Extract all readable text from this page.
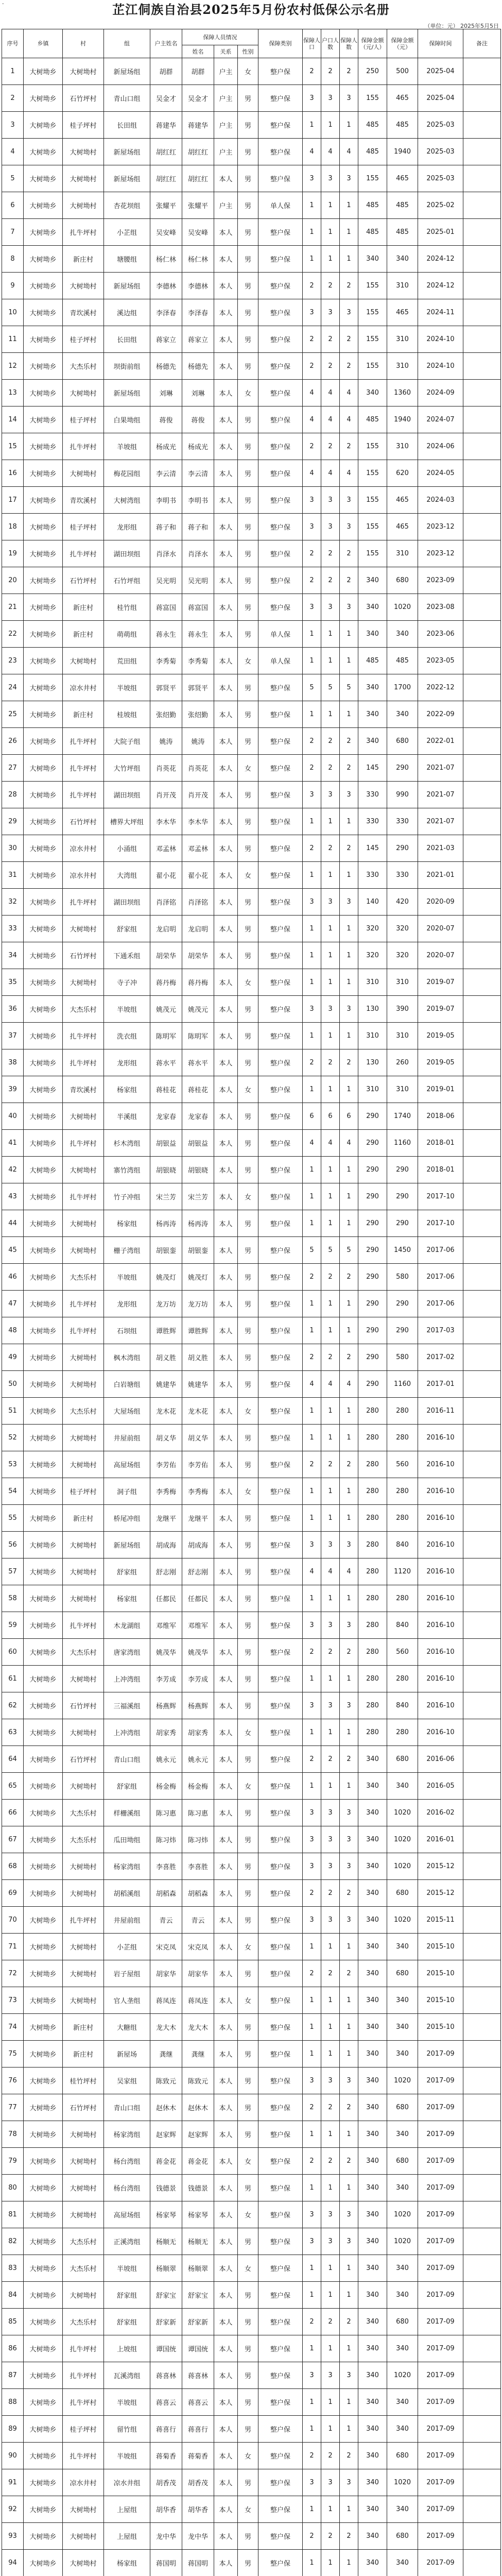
-	芷江侗族自治县2025年5月份农村低保公示名册
（单位：元） 2025年5月5日
序号	乡镇	村	组	户主姓名	保障人员情况			保障类别	保障人口	户口人数	保障人数	保障金额（元/人）	保障金额（元）	保障时间	备注
					姓名	关系	性别								
1	大树坳乡	大树坳村	新屋场组	胡群	胡群	户主	女	整户保	2	2	2	250	500	2025-04	
2	大树坳乡	石竹坪村	青山口组	吴金才	吴金才	户主	男	整户保	3	3	3	155	465	2025-04	
3	大树坳乡	桂子坪村	长田组	蒋建华	蒋建华	户主	男	整户保	1	1	1	485	485	2025-03	
4	大树坳乡	大树坳村	新屋场组	胡红红	胡红红	户主	男	整户保	4	4	4	485	1940	2025-03	
5	大树坳乡	大树坳村	新屋场组	胡红红	胡红红	本人	男	整户保	3	3	3	155	465	2025-03	
6	大树坳乡	大树坳村	杏花坝组	张耀平	张耀平	户主	男	单人保	1	1	1	485	485	2025-02	
7	大树坳乡	扎牛坪村	小芷组	吴安峰	吴安峰	本人	男	整户保	1	1	1	485	485	2025-01	
8	大树坳乡	新庄村	塘腰组	杨仁林	杨仁林	本人	男	整户保	1	1	1	340	340	2024-12	
9	大树坳乡	大树坳村	新屋场组	李德林	李德林	本人	男	整户保	2	2	2	155	310	2024-12	
10	大树坳乡	青坎溪村	溪边组	李泽春	李泽春	本人	男	整户保	3	3	3	155	465	2024-11	
11	大树坳乡	桂子坪村	长田组	蒋家立	蒋家立	本人	男	整户保	2	2	2	155	310	2024-10	
12	大树坳乡	大杰乐村	坝街前组	杨德先	杨德先	本人	男	整户保	2	2	2	155	310	2024-10	
13	大树坳乡	大树坳村	新屋场组	刘琳	刘琳	本人	女	整户保	4	4	4	340	1360	2024-09	
14	大树坳乡	桂子坪村	白果坳组	蒋俊	蒋俊	本人	男	整户保	4	4	4	485	1940	2024-07	
15	大树坳乡	扎牛坪村	羊坡组	杨成光	杨成光	本人	男	整户保	2	2	2	155	310	2024-06	
16	大树坳乡	大树坳村	梅花园组	李云清	李云清	本人	男	整户保	4	4	4	155	620	2024-05	
17	大树坳乡	青坎溪村	大树湾组	李明书	李明书	本人	男	整户保	3	3	3	155	465	2024-03	
18	大树坳乡	桂子坪村	龙形组	蒋子和	蒋子和	本人	男	整户保	3	3	3	155	465	2023-12	
19	大树坳乡	扎牛坪村	湖田坝组	肖泽水	肖泽水	本人	男	整户保	2	2	2	155	310	2023-12	
20	大树坳乡	石竹坪村	石竹坪组	吴光明	吴光明	本人	男	整户保	2	2	2	340	680	2023-09	
21	大树坳乡	新庄村	桂竹组	蒋富国	蒋富国	本人	男	整户保	3	3	3	340	1020	2023-08	
22	大树坳乡	新庄村	萌萌组	蒋永生	蒋永生	本人	男	单人保	1	1	1	340	340	2023-06	
23	大树坳乡	大树坳村	荒田组	李秀菊	李秀菊	本人	女	单人保	1	1	1	485	485	2023-05	
24	大树坳乡	凉水井村	半坡组	郭贤平	郭贤平	本人	男	整户保	5	5	5	340	1700	2022-12	
25	大树坳乡	新庄村	桂坡组	张绍勤	张绍勤	本人	男	整户保	1	1	1	340	340	2022-09	
26	大树坳乡	扎牛坪村	大院子组	姚涛	姚涛	本人	男	整户保	2	2	2	340	680	2022-01	
27	大树坳乡	扎牛坪村	大竹坪组	肖英花	肖英花	本人	女	整户保	2	2	2	145	290	2021-07	
28	大树坳乡	扎牛坪村	湖田坝组	肖开茂	肖开茂	本人	男	整户保	3	3	3	330	990	2021-07	
29	大树坳乡	石竹坪村	槽界大坪组	李木华	李木华	本人	男	整户保	1	1	1	330	330	2021-07	
30	大树坳乡	凉水井村	小涌组	邓孟林	邓孟林	本人	男	整户保	2	2	2	145	290	2021-03	
31	大树坳乡	凉水井村	大湾组	翟小花	翟小花	本人	女	整户保	1	1	1	330	330	2021-01	
32	大树坳乡	扎牛坪村	湖田坝组	肖泽铭	肖泽铭	本人	男	整户保	3	3	3	140	420	2020-09	
33	大树坳乡	大树坳村	舒家组	龙启明	龙启明	本人	男	整户保	1	1	1	320	320	2020-07	
34	大树坳乡	石竹坪村	下通禾组	胡荣华	胡荣华	本人	男	整户保	1	1	1	320	320	2020-07	
35	大树坳乡	大树坳村	寺子冲	蒋丹梅	蒋丹梅	本人	女	整户保	1	1	1	310	310	2019-07	
36	大树坳乡	大杰乐村	半坡组	姚茂元	姚茂元	本人	男	整户保	3	3	3	130	390	2019-07	
37	大树坳乡	扎牛坪村	洗衣组	陈明军	陈明军	本人	男	整户保	1	1	1	310	310	2019-05	
38	大树坳乡	扎牛坪村	龙形组	蒋水平	蒋水平	本人	男	整户保	2	2	2	130	260	2019-05	
39	大树坳乡	青坎溪村	杨家组	蒋桂花	蒋桂花	本人	女	整户保	1	1	1	310	310	2019-01	
40	大树坳乡	大树坳村	半溪组	龙家春	龙家春	本人	男	整户保	6	6	6	290	1740	2018-06	
41	大树坳乡	扎牛坪村	杉木湾组	胡银益	胡银益	本人	男	整户保	4	4	4	290	1160	2018-01	
42	大树坳乡	大树坳村	寨竹湾组	胡银晓	胡银晓	本人	男	整户保	1	1	1	290	290	2018-01	
43	大树坳乡	扎牛坪村	竹子冲组	宋兰芳	宋兰芳	本人	女	整户保	1	1	1	290	290	2017-10	
44	大树坳乡	大树坳村	杨家组	杨再涛	杨再涛	本人	男	整户保	1	1	1	290	290	2017-10	
45	大树坳乡	大树坳村	栅子湾组	胡银銮	胡银銮	本人	男	整户保	5	5	5	290	1450	2017-06	
46	大树坳乡	大杰乐村	半坡组	姚茂灯	姚茂灯	本人	男	整户保	2	2	2	290	580	2017-06	
47	大树坳乡	扎牛坪村	龙形组	龙万坊	龙万坊	本人	男	整户保	1	1	1	290	290	2017-06	
48	大树坳乡	扎牛坪村	石坝组	谭胜辉	谭胜辉	本人	男	整户保	1	1	1	290	290	2017-03	
49	大树坳乡	大树坳村	枫木湾组	胡义胜	胡义胜	本人	男	整户保	2	2	2	290	580	2017-02	
50	大树坳乡	大树坳村	白岩塘组	姚建华	姚建华	本人	男	整户保	4	4	4	290	1160	2017-01	
51	大树坳乡	大杰乐村	大屋场组	龙木花	龙木花	本人	女	整户保	1	1	1	280	280	2016-11	
52	大树坳乡	大树坳村	井屋前组	胡义华	胡义华	本人	男	整户保	1	1	1	280	280	2016-10	
53	大树坳乡	大树坳村	高屋场组	李芳佑	李芳佑	本人	男	整户保	2	2	2	280	560	2016-10	
54	大树坳乡	桂子坪村	洞子组	李秀梅	李秀梅	本人	女	整户保	1	1	1	280	280	2016-10	
55	大树坳乡	新庄村	桥尾冲组	龙继平	龙继平	本人	男	整户保	1	1	1	280	280	2016-10	
56	大树坳乡	大树坳村	新屋场组	胡成海	胡成海	本人	男	整户保	3	3	3	280	840	2016-10	
57	大树坳乡	大树坳村	舒家组	舒志刚	舒志刚	本人	男	整户保	4	4	4	280	1120	2016-10	
58	大树坳乡	大树坳村	杨家组	任都民	任都民	本人	男	整户保	1	1	1	280	280	2016-10	
59	大树坳乡	扎牛坪村	木龙湖组	邓维军	邓维军	本人	男	整户保	3	3	3	280	840	2016-10	
60	大树坳乡	大杰乐村	唐家湾组	姚茂华	姚茂华	本人	男	整户保	2	2	2	280	560	2016-10	
61	大树坳乡	大树坳村	上冲湾组	李芳成	李芳成	本人	男	整户保	1	1	1	280	280	2016-10	
62	大树坳乡	石竹坪村	三福溪组	杨燕辉	杨燕辉	本人	男	整户保	3	3	3	280	840	2016-10	
63	大树坳乡	大树坳村	上冲湾组	胡家秀	胡家秀	本人	女	整户保	1	1	1	280	280	2016-10	
64	大树坳乡	石竹坪村	青山口组	姚永元	姚永元	本人	男	整户保	2	2	2	340	680	2016-06	
65	大树坳乡	大树坳村	舒家组	杨金梅	杨金梅	本人	女	整户保	1	1	1	340	340	2016-05	
66	大树坳乡	大杰乐村	样栅溪组	陈习惠	陈习惠	本人	男	整户保	3	3	3	340	1020	2016-02	
67	大树坳乡	大杰乐村	瓜田坳组	陈习炜	陈习炜	本人	男	整户保	3	3	3	340	1020	2016-01	
68	大树坳乡	大树坳村	杨家湾组	李喜胜	李喜胜	本人	男	整户保	3	3	3	340	1020	2015-12	
69	大树坳乡	大树坳村	胡稻溪组	胡稻森	胡稻森	本人	男	整户保	2	2	2	340	680	2015-12	
70	大树坳乡	扎牛坪村	井屋前组	青云	青云	本人	男	整户保	3	3	3	340	1020	2015-11	
71	大树坳乡	大树坳村	小芷组	宋克凤	宋克凤	本人	女	整户保	1	1	1	340	340	2015-10	
72	大树坳乡	大树坳村	岩子屋组	胡家华	胡家华	本人	男	整户保	2	2	2	340	680	2015-10	
73	大树坳乡	大树坳村	官人垄组	蒋凤连	蒋凤连	本人	女	整户保	1	1	1	340	340	2015-10	
74	大树坳乡	新庄村	大糖组	龙大木	龙大木	本人	男	整户保	1	1	1	340	340	2015-10	
75	大树坳乡	新庄村	新屋场	龚继	龚继	本人	男	整户保	1	1	1	340	340	2017-09	
76	大树坳乡	桂竹坪村	吴家组	陈致元	陈致元	本人	男	整户保	3	3	3	340	1020	2017-09	
77	大树坳乡	石竹坪村	青山口组	赵休木	赵休木	本人	男	整户保	2	2	2	340	680	2017-09	
78	大树坳乡	大树坳村	杨家湾组	赵家辉	赵家辉	本人	男	整户保	1	1	1	340	340	2017-09	
79	大树坳乡	大树坳村	杨台湾组	蒋金花	蒋金花	本人	女	整户保	2	2	2	340	680	2017-09	
80	大树坳乡	大树坳村	杨台湾组	钱德景	钱德景	本人	男	整户保	1	1	1	340	340	2017-09	
81	大树坳乡	大树坳村	高屋场组	杨家琴	杨家琴	本人	女	整户保	3	3	3	340	1020	2017-09	
82	大树坳乡	大杰乐村	正溪湾组	杨顺无	杨顺无	本人	男	整户保	3	3	3	340	1020	2017-09	
83	大树坳乡	大杰乐村	半坡组	杨顺翠	杨顺翠	本人	女	整户保	1	1	1	340	340	2017-09	
84	大树坳乡	大树坳村	舒家组	舒家宝	舒家宝	本人	男	整户保	1	1	1	340	340	2017-09	
85	大树坳乡	大杰乐村	舒家组	舒家新	舒家新	本人	男	整户保	2	2	2	340	680	2017-09	
86	大树坳乡	扎牛坪村	上坡组	谭国统	谭国统	本人	男	整户保	1	1	1	340	340	2017-09	
87	大树坳乡	扎牛坪村	瓦溪湾组	蒋喜林	蒋喜林	本人	男	整户保	3	3	3	340	1020	2017-09	
88	大树坳乡	扎牛坪村	半坡组	蒋喜云	蒋喜云	本人	男	整户保	1	1	1	340	340	2017-09	
89	大树坳乡	桂子坪村	留竹组	蒋喜行	蒋喜行	本人	男	整户保	1	1	1	340	340	2017-09	
90	大树坳乡	扎牛坪村	半坡组	蒋菊香	蒋菊香	本人	女	整户保	2	2	2	340	680	2017-09	
91	大树坳乡	凉水井村	凉水井组	胡香茂	胡香茂	本人	男	整户保	3	3	3	340	1020	2017-09	
92	大树坳乡	大树坳村	上屋组	胡华香	胡华香	本人	女	整户保	1	1	1	340	340	2017-09	
93	大树坳乡	大树坳村	上屋组	龙中华	龙中华	本人	男	整户保	2	2	2	340	680	2017-09	
94	大树坳乡	大树坳村	杨家组	蒋国明	蒋国明	本人	男	整户保	1	1	1	340	340	2017-09	
